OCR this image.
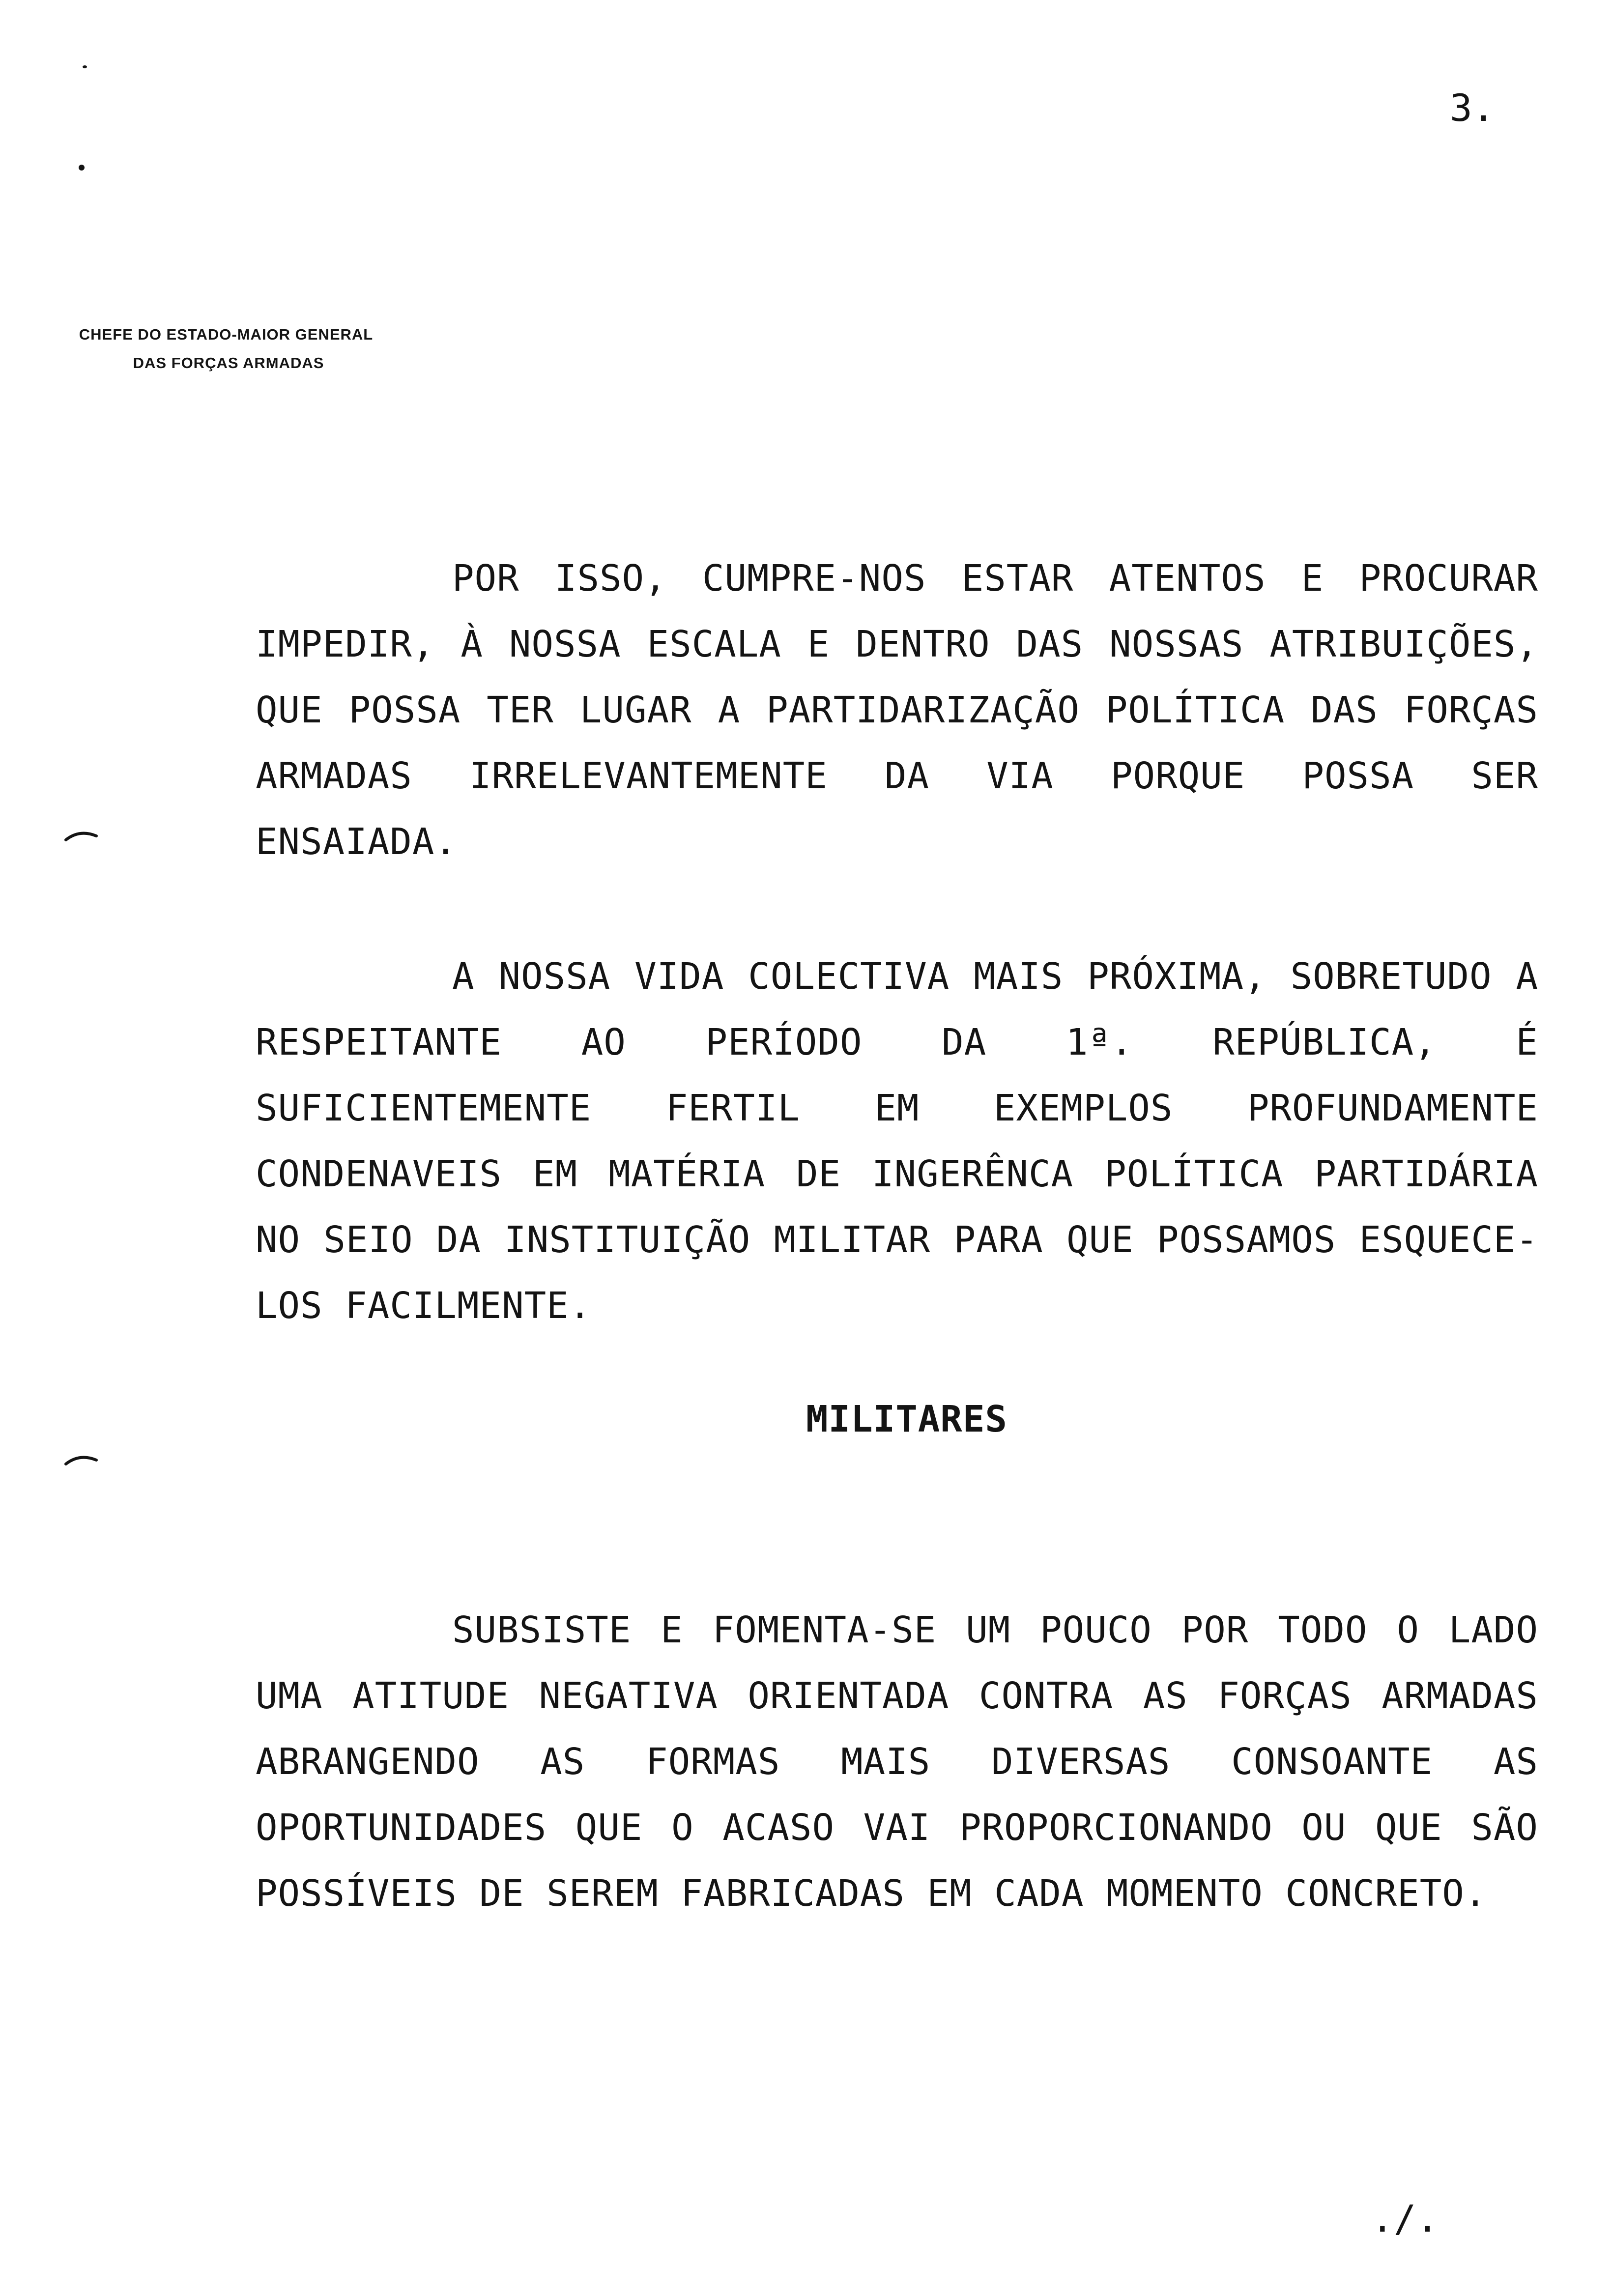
3.
CHEFE DO ESTADO-MAIOR GENERAL
DAS FORÇAS ARMADAS
POR ISSO, CUMPRE-NOS ESTAR ATENTOS E PROCURAR IMPEDIR, À NOSSA ESCALA E DENTRO DAS NOSSAS ATRIBUIÇÕES, QUE POSSA TER LUGAR A PARTIDARIZAÇÃO POLÍTICA DAS FORÇAS ARMADAS IRRELEVANTEMENTE DA VIA PORQUE POSSA SER ENSAIADA.
A NOSSA VIDA COLECTIVA MAIS PRÓXIMA, SOBRETUDO A RESPEITANTE AO PERÍODO DA 1ª. REPÚBLICA, É SUFICIENTEMENTE FERTIL EM EXEMPLOS PROFUNDAMENTE CONDENAVEIS EM MATÉRIA DE INGERÊNCA POLÍTICA PARTIDÁRIA NO SEIO DA INSTITUIÇÃO MILITAR PARA QUE POSSAMOS ESQUECE-LOS FACILMENTE.
MILITARES
SUBSISTE E FOMENTA-SE UM POUCO POR TODO O LADO UMA ATITUDE NEGATIVA ORIENTADA CONTRA AS FORÇAS ARMADAS ABRANGENDO AS FORMAS MAIS DIVERSAS CONSOANTE AS OPORTUNIDADES QUE O ACASO VAI PROPORCIONANDO OU QUE SÃO POSSÍVEIS DE SEREM FABRICADAS EM CADA MOMENTO CONCRETO.
./.
